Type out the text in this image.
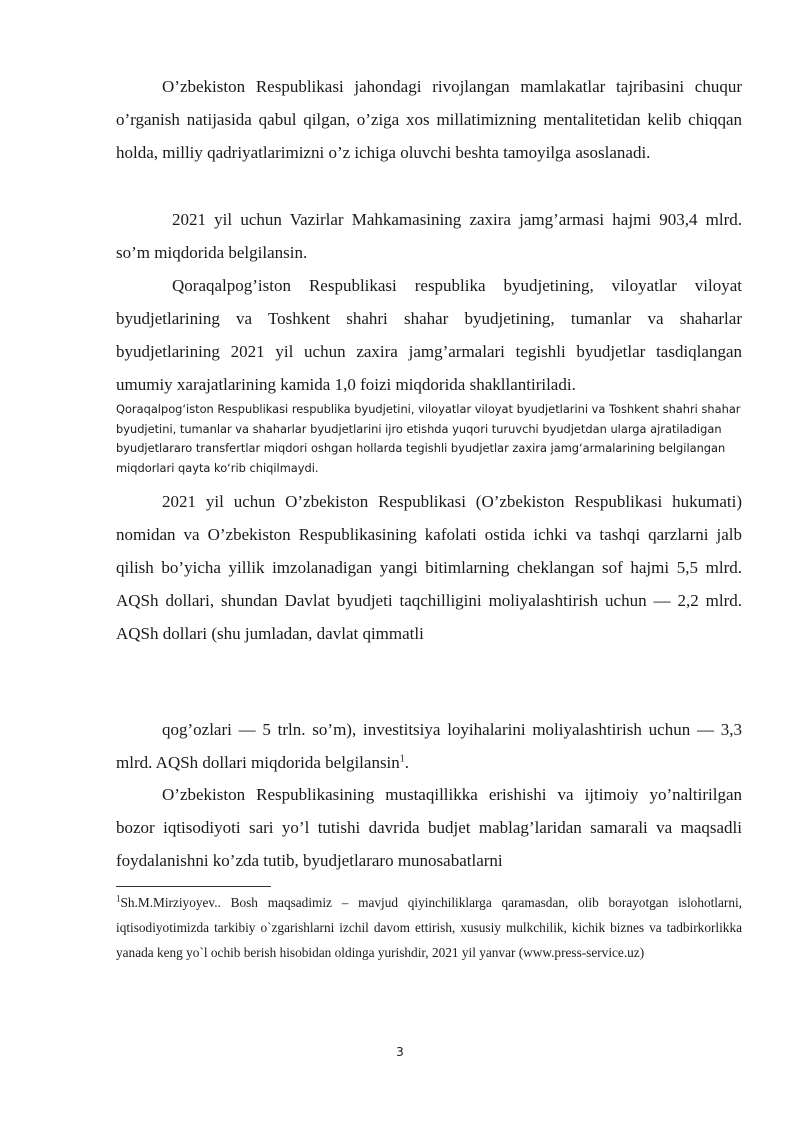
O’zbekiston Respublikasi jahondagi rivojlangan mamlakatlar tajribasini chuqur o’rganish natijasida qabul qilgan, o’ziga xos millatimizning mentalitetidan kelib chiqqan holda, milliy qadriyatlarimizni o’z ichiga oluvchi beshta tamoyilga asoslanadi.

2021 yil uchun Vazirlar Mahkamasining zaxira jamg’armasi hajmi 903,4 mlrd. so’m miqdorida belgilansin.

Qoraqalpog’iston Respublikasi respublika byudjetining, viloyatlar viloyat byudjetlarining va Toshkent shahri shahar byudjetining, tumanlar va shaharlar byudjetlarining 2021 yil uchun zaxira jamg’armalari tegishli byudjetlar tasdiqlangan umumiy xarajatlarining kamida 1,0 foizi miqdorida shakllantiriladi.

Qoraqalpog‘iston Respublikasi respublika byudjetini, viloyatlar viloyat byudjetlarini va Toshkent shahri shahar byudjetini, tumanlar va shaharlar byudjetlarini ijro etishda yuqori turuvchi byudjetdan ularga ajratiladigan byudjetlararo transfertlar miqdori oshgan hollarda tegishli byudjetlar zaxira jamg‘armalarining belgilangan miqdorlari qayta ko‘rib chiqilmaydi.

2021 yil uchun O’zbekiston Respublikasi (O’zbekiston Respublikasi hukumati) nomidan va O’zbekiston Respublikasining kafolati ostida ichki va tashqi qarzlarni jalb qilish bo’yicha yillik imzolanadigan yangi bitimlarning cheklangan sof hajmi 5,5 mlrd. AQSh dollari, shundan Davlat byudjeti taqchilligini moliyalashtirish uchun — 2,2 mlrd. AQSh dollari (shu jumladan, davlat qimmatli

qog’ozlari — 5 trln. so’m), investitsiya loyihalarini moliyalashtirish uchun — 3,3 mlrd. AQSh dollari miqdorida belgilansin$^1$.

O’zbekiston Respublikasining mustaqillikka erishishi va ijtimoiy yo’naltirilgan bozor iqtisodiyoti sari yo’l tutishi davrida budjet mablag’laridan samarali va maqsadli foydalanishni ko’zda tutib, byudjetlararo munosabatlarni

$^1$Sh.M.Mirziyoyev.. Bosh maqsadimiz – mavjud qiyinchiliklarga qaramasdan, olib borayotgan islohotlarni, iqtisodiyotimizda tarkibiy o`zgarishlarni izchil davom ettirish, xususiy mulkchilik, kichik biznes va tadbirkorlikka yanada keng yo`l ochib berish hisobidan oldinga yurishdir, 2021 yil yanvar (www.press-service.uz)

3
